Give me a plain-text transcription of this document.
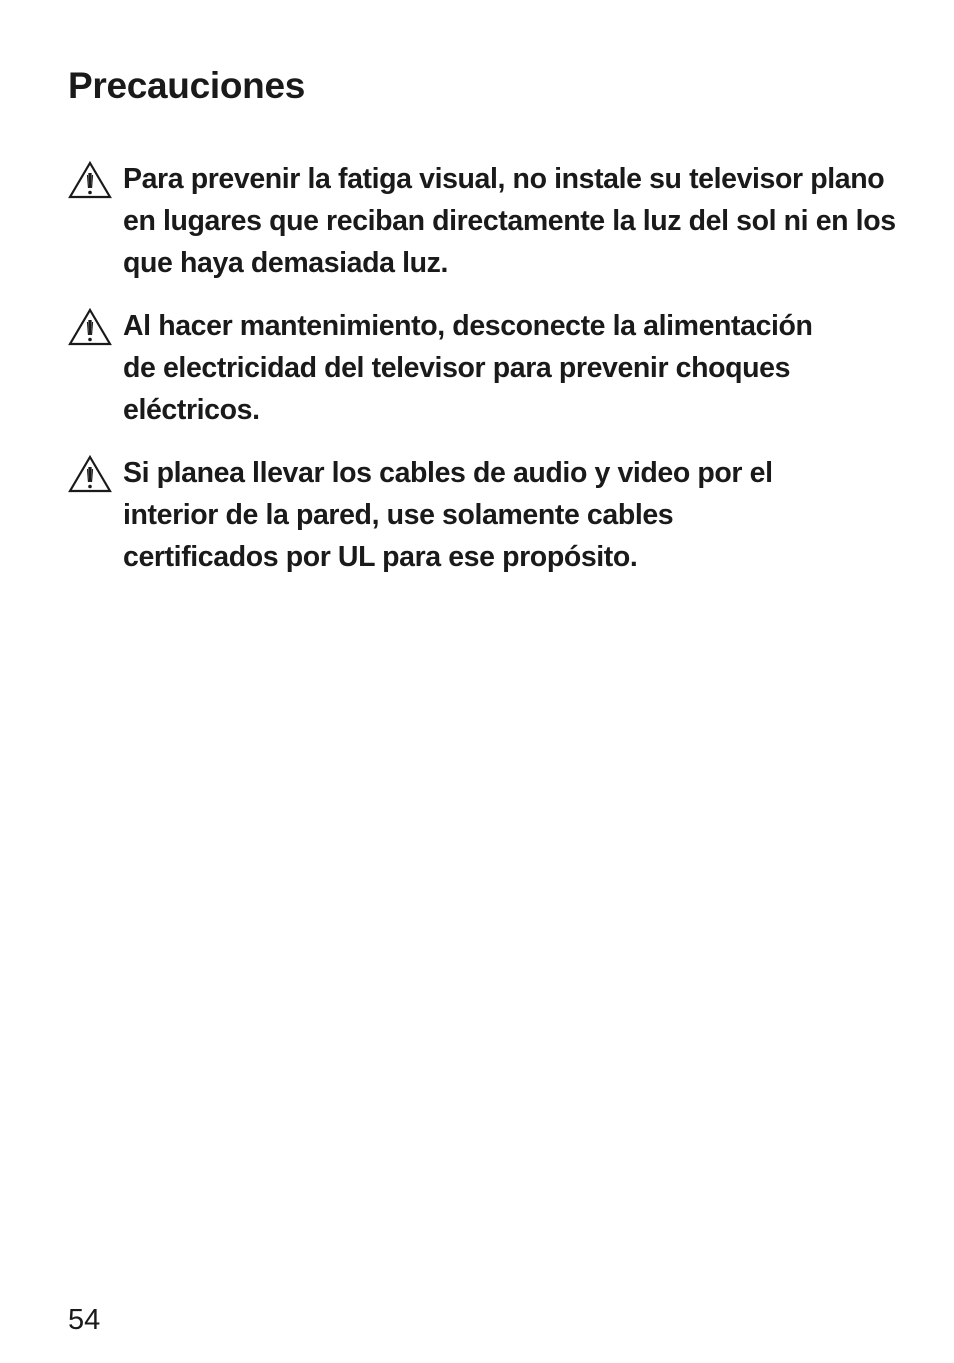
Precauciones
Para prevenir la fatiga visual, no instale su televisor plano en lugares que reciban directamente la luz del sol ni en los que haya demasiada luz.
Al hacer mantenimiento, desconecte la alimentación de electricidad del televisor para prevenir choques eléctricos.
Si planea llevar los cables de audio y video por el interior de la pared, use solamente cables certificados por UL para ese propósito.
54
